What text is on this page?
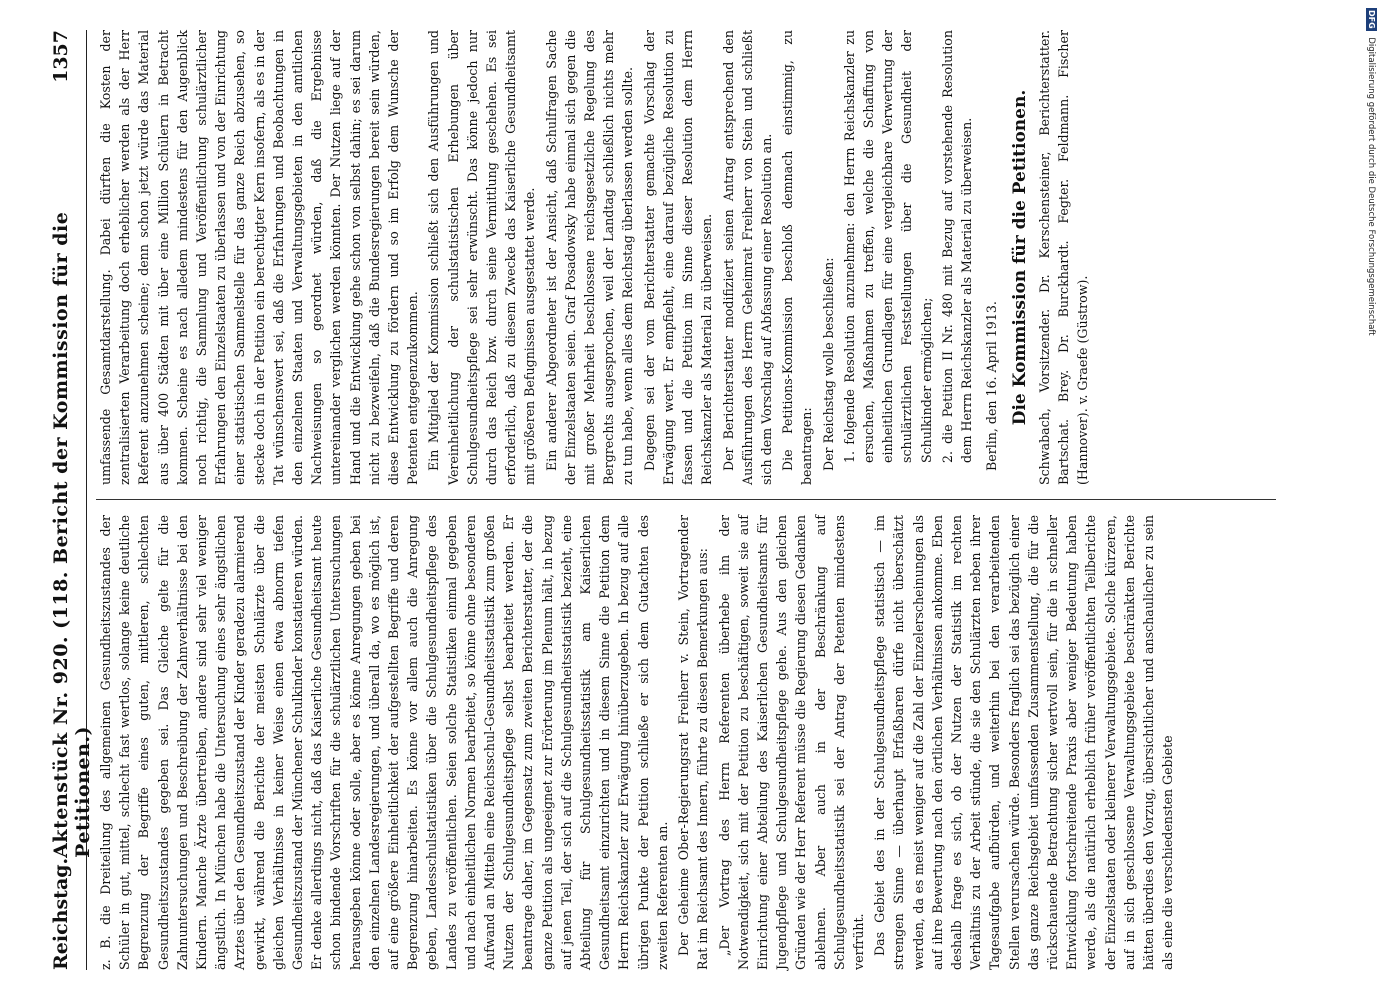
Reichstag.
Aktenstück Nr. 920. (118. Bericht der Kommission für die Petitionen.)
1357

z. B. die Dreiteilung des allgemeinen Gesundheitszustandes der Schüler in gut, mittel, schlecht fast wertlos, solange keine deutliche Begrenzung der Begriffe eines guten, mittleren, schlechten Gesundheitszustandes gegeben sei. Das Gleiche gelte für die Zahnuntersuchungen und Beschreibung der Zahnverhältnisse bei den Kindern. Manche Ärzte übertreiben, andere sind sehr viel weniger ängstlich. In München habe die Untersuchung eines sehr ängstlichen Arztes über den Gesundheitszustand der Kinder geradezu alarmierend gewirkt, während die Berichte der meisten Schulärzte über die gleichen Verhältnisse in keiner Weise einen etwa abnorm tiefen Gesundheitszustand der Münchener Schulkinder konstatieren würden. Er denke allerdings nicht, daß das Kaiserliche Gesundheitsamt heute schon bindende Vorschriften für die schulärztlichen Untersuchungen herausgeben könne oder solle, aber es könne Anregungen geben bei den einzelnen Landesregierungen, und überall da, wo es möglich ist, auf eine größere Einheitlichkeit der aufgestellten Begriffe und deren Begrenzung hinarbeiten. Es könne vor allem auch die Anregung geben, Landesschulstatistiken über die Schulgesundheitspflege des Landes zu veröffentlichen. Seien solche Statistiken einmal gegeben und nach einheitlichen Normen bearbeitet, so könne ohne besonderen Aufwand an Mitteln eine Reichsschul-Gesundheitsstatistik zum großen Nutzen der Schulgesundheitspflege selbst bearbeitet werden. Er beantrage daher, im Gegensatz zum zweiten Berichterstatter, der die ganze Petition als ungeeignet zur Erörterung im Plenum hält, in bezug auf jenen Teil, der sich auf die Schulgesundheitsstatistik bezieht, eine Abteilung für Schulgesundheitsstatistik am Kaiserlichen Gesundheitsamt einzurichten und in diesem Sinne die Petition dem Herrn Reichskanzler zur Erwägung hinüberzugeben. In bezug auf alle übrigen Punkte der Petition schließe er sich dem Gutachten des zweiten Referenten an. Der Geheime Ober-Regierungsrat Freiherr v. Stein, Vortragender Rat im Reichsamt des Innern, führte zu diesen Bemerkungen aus: „Der Vortrag des Herrn Referenten überhebe ihn der Notwendigkeit, sich mit der Petition zu beschäftigen, soweit sie auf Einrichtung einer Abteilung des Kaiserlichen Gesundheitsamts für Jugendpflege und Schulgesundheitspflege gehe. Aus den gleichen Gründen wie der Herr Referent müsse die Regierung diesen Gedanken ablehnen. Aber auch in der Beschränkung auf Schulgesundheitsstatistik sei der Antrag der Petenten mindestens verfrüht. Das Gebiet des in der Schulgesundheitspflege statistisch — im strengen Sinne — überhaupt Erfaßbaren dürfe nicht überschätzt werden, da es meist weniger auf die Zahl der Einzelerscheinungen als auf ihre Bewertung nach den örtlichen Verhältnissen ankomme. Eben deshalb frage es sich, ob der Nutzen der Statistik im rechten Verhältnis zu der Arbeit stünde, die sie den Schulärzten neben ihrer Tagesaufgabe aufbürden, und weiterhin bei den verarbeitenden Stellen verursachen würde. Besonders fraglich sei das bezüglich einer das ganze Reichsgebiet umfassenden Zusammenstellung, die für die rückschauende Betrachtung sicher wertvoll sein, für die in schneller Entwicklung fortschreitende Praxis aber weniger Bedeutung haben werde, als die natürlich erheblich früher veröffentlichten Teilberichte der Einzelstaaten oder kleinerer Verwaltungsgebiete. Solche kürzeren, auf in sich geschlossene Verwaltungsgebiete beschränkten Berichte hätten überdies den Vorzug, übersichtlicher und anschaulicher zu sein als eine die verschiedensten Gebiete

umfassende Gesamtdarstellung. Dabei dürften die Kosten der zentralisierten Verarbeitung doch erheblicher werden als der Herr Referent anzunehmen scheine; denn schon jetzt würde das Material aus über 400 Städten mit über eine Million Schülern in Betracht kommen. Scheine es nach alledem mindestens für den Augenblick noch richtig, die Sammlung und Veröffentlichung schulärztlicher Erfahrungen den Einzelstaaten zu überlassen und von der Einrichtung einer statistischen Sammelstelle für das ganze Reich abzusehen, so stecke doch in der Petition ein berechtigter Kern insofern, als es in der Tat wünschenswert sei, daß die Erfahrungen und Beobachtungen in den einzelnen Staaten und Verwaltungsgebieten in den amtlichen Nachweisungen so geordnet würden, daß die Ergebnisse untereinander verglichen werden könnten. Der Nutzen liege auf der Hand und die Entwicklung gehe schon von selbst dahin; es sei darum nicht zu bezweifeln, daß die Bundesregierungen bereit sein würden, diese Entwicklung zu fördern und so im Erfolg dem Wunsche der Petenten entgegenzukommen. Ein Mitglied der Kommission schließt sich den Ausführungen und Vereinheitlichung der schulstatistischen Erhebungen über Schulgesundheitspflege sei sehr erwünscht. Das könne jedoch nur durch das Reich bzw. durch seine Vermittlung geschehen. Es sei erforderlich, daß zu diesem Zwecke das Kaiserliche Gesundheitsamt mit größeren Befugnissen ausgestattet werde. Ein anderer Abgeordneter ist der Ansicht, daß Schulfragen Sache der Einzelstaaten seien. Graf Posadowsky habe einmal sich gegen die mit großer Mehrheit beschlossene reichsgesetzliche Regelung des Bergrechts ausgesprochen, weil der Landtag schließlich nichts mehr zu tun habe, wenn alles dem Reichstag überlassen werden sollte. Dagegen sei der vom Berichterstatter gemachte Vorschlag der Erwägung wert. Er empfiehlt, eine darauf bezügliche Resolution zu fassen und die Petition im Sinne dieser Resolution dem Herrn Reichskanzler als Material zu überweisen. Der Berichterstatter modifiziert seinen Antrag entsprechend den Ausführungen des Herrn Geheimrat Freiherr von Stein und schließt sich dem Vorschlag auf Abfassung einer Resolution an. Die Petitions-Kommission beschloß demnach einstimmig, zu beantragen: Der Reichstag wolle beschließen: 1. folgende Resolution anzunehmen: den Herrn Reichskanzler zu ersuchen, Maßnahmen zu treffen, welche die Schaffung von einheitlichen Grundlagen für eine vergleichbare Verwertung der schulärztlichen Feststellungen über die Gesundheit der Schulkinder ermöglichen; 2. die Petition II Nr. 480 mit Bezug auf vorstehende Resolution dem Herrn Reichskanzler als Material zu überweisen. Berlin, den 16. April 1913. Die Kommission für die Petitionen. Schwabach, Vorsitzender. Dr. Kerschensteiner, Berichterstatter. Bartschat. Brey. Dr. Burckhardt. Fegter. Feldmann. Fischer (Hannover). v. Graefe (Güstrow).

DFG Digitalisierung gefördert durch die Deutsche Forschungsgemeinschaft
